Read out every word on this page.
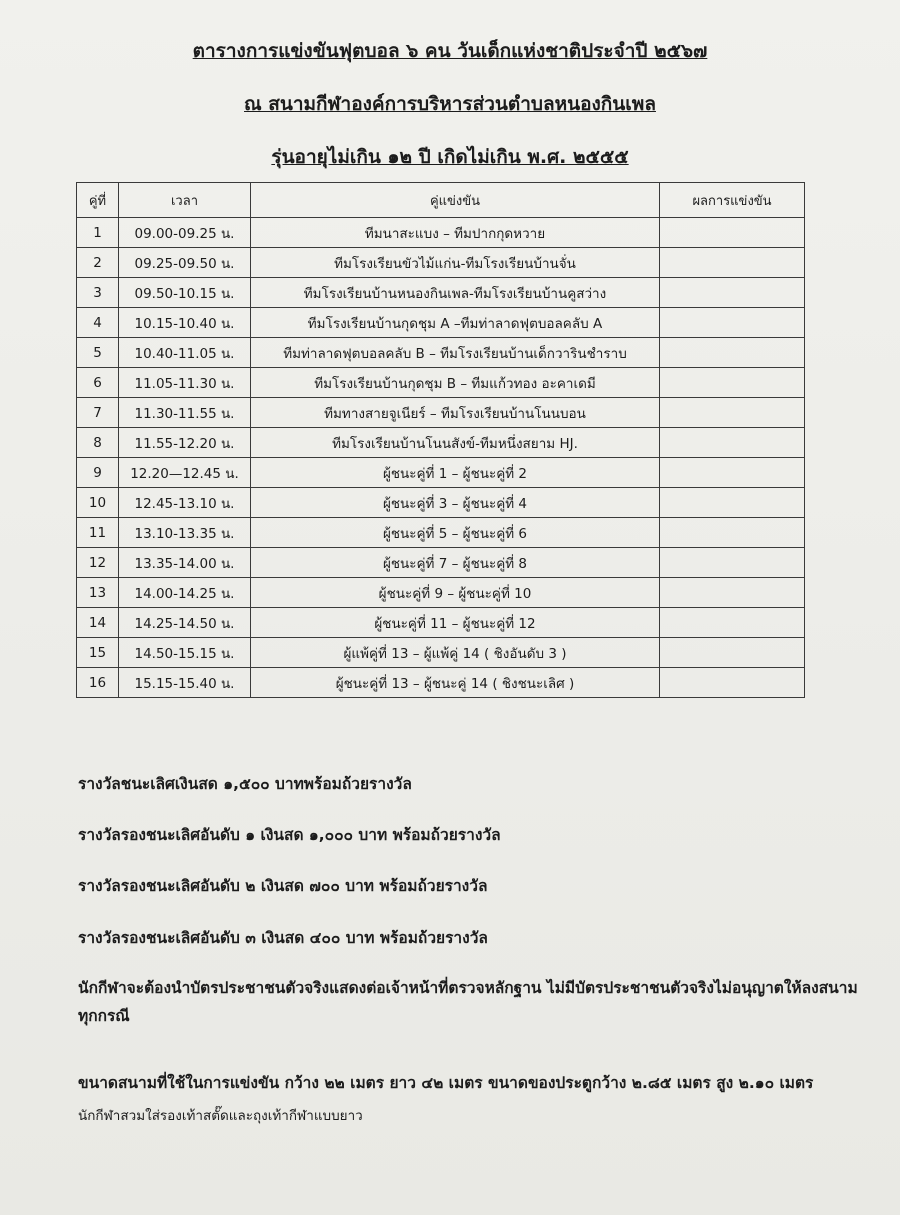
ตารางการแข่งขันฟุตบอล ๖ คน วันเด็กแห่งชาติประจำปี ๒๕๖๗
ณ สนามกีฬาองค์การบริหารส่วนตำบลหนองกินเพล
รุ่นอายุไม่เกิน ๑๒ ปี เกิดไม่เกิน พ.ศ. ๒๕๕๕
คู่ที่	เวลา	คู่แข่งขัน	ผลการแข่งขัน
1	09.00-09.25 น.	ทีมนาสะแบง – ทีมปากกุดหวาย	
2	09.25-09.50 น.	ทีมโรงเรียนขัวไม้แก่น-ทีมโรงเรียนบ้านจั่น	
3	09.50-10.15 น.	ทีมโรงเรียนบ้านหนองกินเพล-ทีมโรงเรียนบ้านคูสว่าง	
4	10.15-10.40 น.	ทีมโรงเรียนบ้านกุดชุม A –ทีมท่าลาดฟุตบอลคลับ A	
5	10.40-11.05 น.	ทีมท่าลาดฟุตบอลคลับ B – ทีมโรงเรียนบ้านเด็กวารินชำราบ	
6	11.05-11.30 น.	ทีมโรงเรียนบ้านกุดชุม B – ทีมแก้วทอง อะคาเดมี	
7	11.30-11.55 น.	ทีมทางสายจูเนียร์ – ทีมโรงเรียนบ้านโนนบอน	
8	11.55-12.20 น.	ทีมโรงเรียนบ้านโนนสังข์-ทีมหนึ่งสยาม HJ.	
9	12.20—12.45 น.	ผู้ชนะคู่ที่ 1 – ผู้ชนะคู่ที่ 2	
10	12.45-13.10 น.	ผู้ชนะคู่ที่ 3 – ผู้ชนะคู่ที่ 4	
11	13.10-13.35 น.	ผู้ชนะคู่ที่ 5 – ผู้ชนะคู่ที่ 6	
12	13.35-14.00 น.	ผู้ชนะคู่ที่ 7 – ผู้ชนะคู่ที่ 8	
13	14.00-14.25 น.	ผู้ชนะคู่ที่ 9 – ผู้ชนะคู่ที่ 10	
14	14.25-14.50 น.	ผู้ชนะคู่ที่ 11 – ผู้ชนะคู่ที่ 12	
15	14.50-15.15 น.	ผู้แพ้คู่ที่ 13 – ผู้แพ้คู่ 14 ( ชิงอันดับ 3 )	
16	15.15-15.40 น.	ผู้ชนะคู่ที่ 13 – ผู้ชนะคู่ 14 ( ชิงชนะเลิศ )	
รางวัลชนะเลิศเงินสด ๑,๕๐๐ บาทพร้อมถ้วยรางวัล
รางวัลรองชนะเลิศอันดับ ๑ เงินสด ๑,๐๐๐ บาท พร้อมถ้วยรางวัล
รางวัลรองชนะเลิศอันดับ ๒ เงินสด ๗๐๐ บาท พร้อมถ้วยรางวัล
รางวัลรองชนะเลิศอันดับ ๓ เงินสด ๔๐๐ บาท พร้อมถ้วยรางวัล
นักกีฬาจะต้องนำบัตรประชาชนตัวจริงแสดงต่อเจ้าหน้าที่ตรวจหลักฐาน ไม่มีบัตรประชาชนตัวจริงไม่อนุญาตให้ลงสนามทุกกรณี
ขนาดสนามที่ใช้ในการแข่งขัน กว้าง ๒๒ เมตร ยาว ๔๒ เมตร ขนาดของประตูกว้าง ๒.๘๕ เมตร สูง ๒.๑๐ เมตร
นักกีฬาสวมใส่รองเท้าสตั๊ดและถุงเท้ากีฬาแบบยาว
